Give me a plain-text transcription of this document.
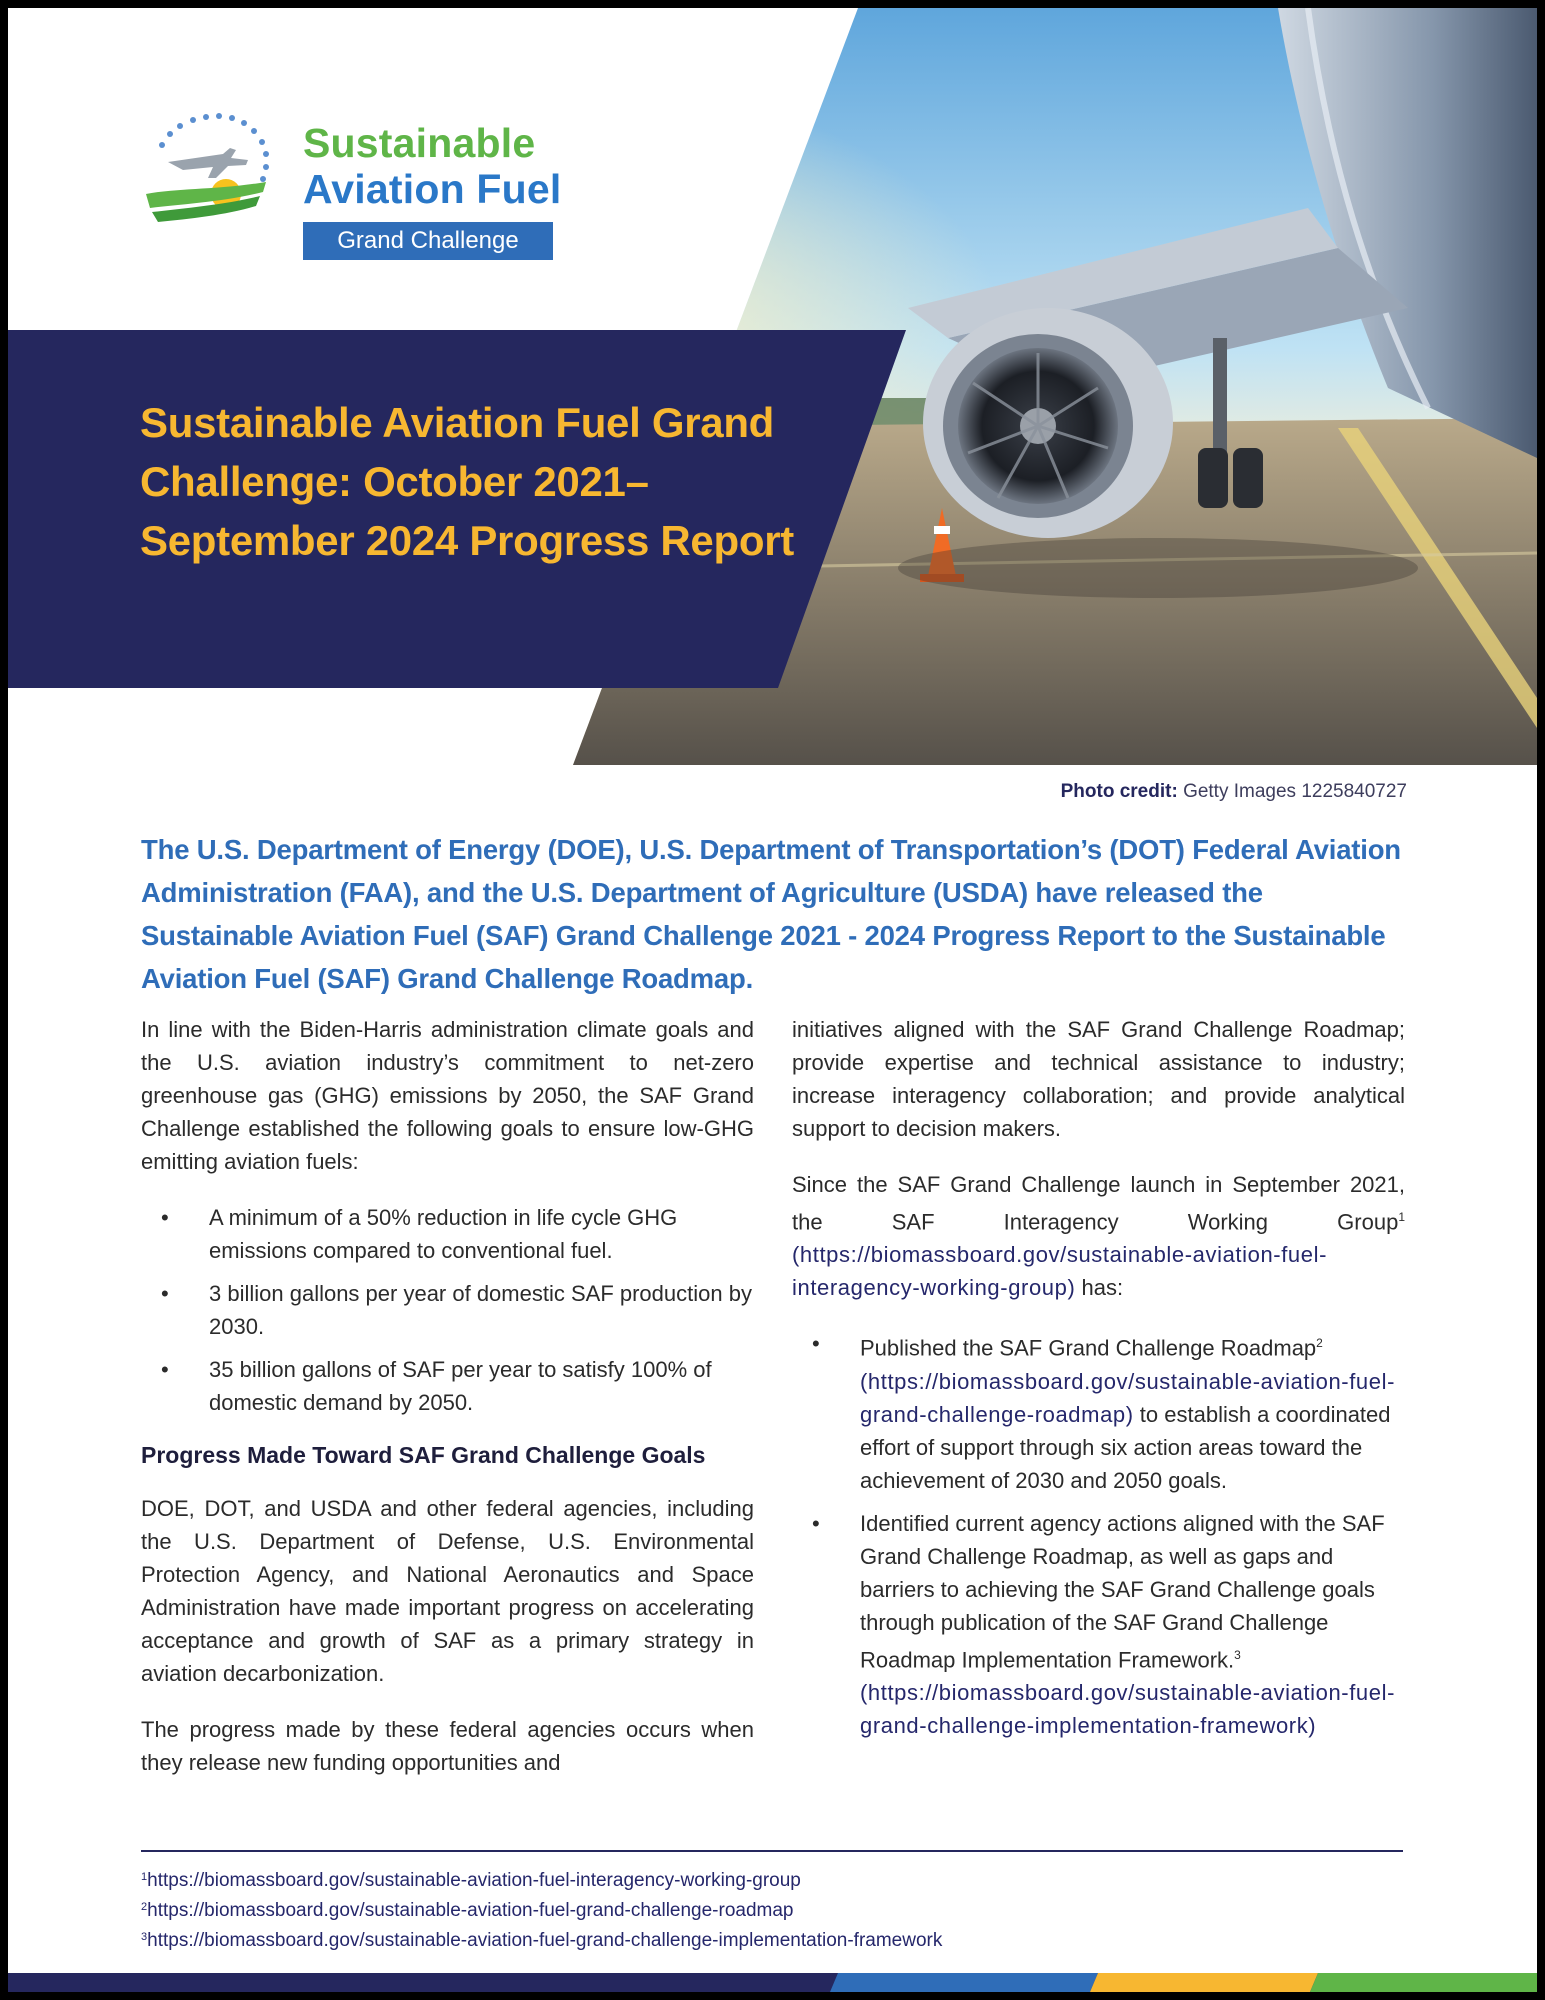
Sustainable
Aviation Fuel
Grand Challenge
Sustainable Aviation Fuel Grand Challenge: October 2021–September 2024 Progress Report
Photo credit: Getty Images 1225840727

The U.S. Department of Energy (DOE), U.S. Department of Transportation’s (DOT) Federal Aviation Administration (FAA), and the U.S. Department of Agriculture (USDA) have released the Sustainable Aviation Fuel (SAF) Grand Challenge 2021 - 2024 Progress Report to the Sustainable Aviation Fuel (SAF) Grand Challenge Roadmap.

In line with the Biden-Harris administration climate goals and the U.S. aviation industry’s commitment to net-zero greenhouse gas (GHG) emissions by 2050, the SAF Grand Challenge established the following goals to ensure low-GHG emitting aviation fuels:

• A minimum of a 50% reduction in life cycle GHG emissions compared to conventional fuel.
• 3 billion gallons per year of domestic SAF production by 2030.
• 35 billion gallons of SAF per year to satisfy 100% of domestic demand by 2050.
Progress Made Toward SAF Grand Challenge Goals

DOE, DOT, and USDA and other federal agencies, including the U.S. Department of Defense, U.S. Environmental Protection Agency, and National Aeronautics and Space Administration have made important progress on accelerating acceptance and growth of SAF as a primary strategy in aviation decarbonization.

The progress made by these federal agencies occurs when they release new funding opportunities and

initiatives aligned with the SAF Grand Challenge Roadmap; provide expertise and technical assistance to industry; increase interagency collaboration; and provide analytical support to decision makers.

Since the SAF Grand Challenge launch in September 2021, the SAF Interagency Working Group$^1$ (https://biomassboard.gov/sustainable-aviation-fuel-interagency-working-group) has:

• Published the SAF Grand Challenge Roadmap$^2$ (https://biomassboard.gov/sustainable-aviation-fuel-grand-challenge-roadmap) to establish a coordinated effort of support through six action areas toward the achievement of 2030 and 2050 goals.
• Identified current agency actions aligned with the SAF Grand Challenge Roadmap, as well as gaps and barriers to achieving the SAF Grand Challenge goals through publication of the SAF Grand Challenge Roadmap Implementation Framework.$^3$ (https://biomassboard.gov/sustainable-aviation-fuel-grand-challenge-implementation-framework)
$^1$https://biomassboard.gov/sustainable-aviation-fuel-interagency-working-group
$^2$https://biomassboard.gov/sustainable-aviation-fuel-grand-challenge-roadmap
$^3$https://biomassboard.gov/sustainable-aviation-fuel-grand-challenge-implementation-framework
